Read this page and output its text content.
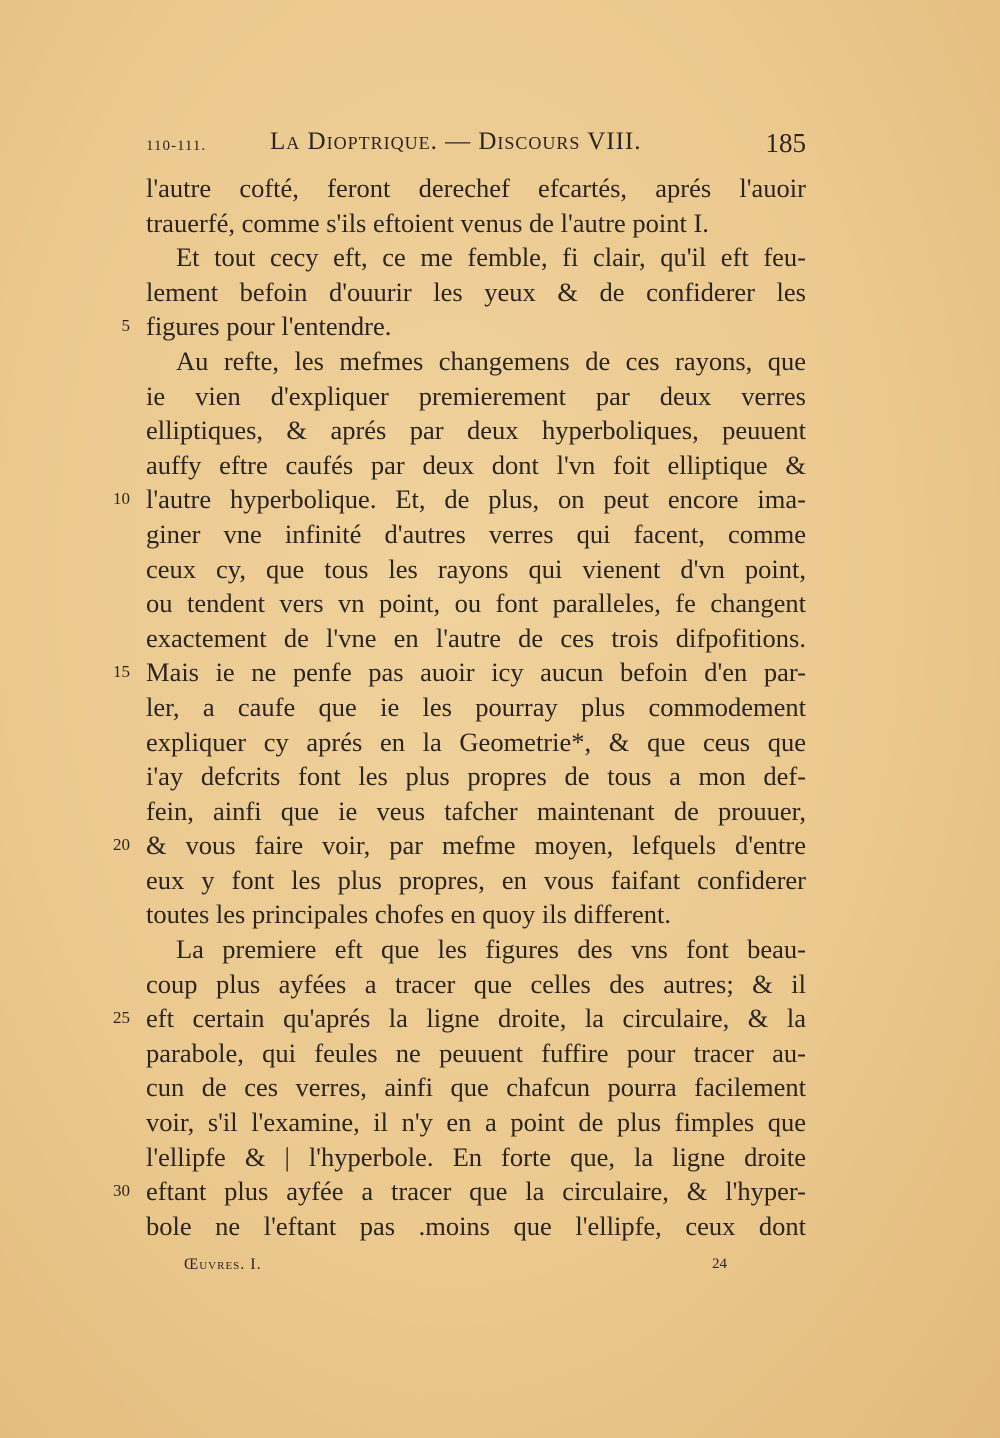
110-111.	La Dioptrique. — Discours VIII.	185
l'autre cofté, feront derechef efcartés, aprés l'auoir
trauerfé, comme s'ils eftoient venus de l'autre point I.
Et tout cecy eft, ce me femble, fi clair, qu'il eft feu-
lement befoin d'ouurir les yeux & de confiderer les
5 figures pour l'entendre.
Au refte, les mefmes changemens de ces rayons, que
ie vien d'expliquer premierement par deux verres
elliptiques, & aprés par deux hyperboliques, peuuent
auffy eftre caufés par deux dont l'vn foit elliptique &
10 l'autre hyperbolique. Et, de plus, on peut encore ima-
giner vne infinité d'autres verres qui facent, comme
ceux cy, que tous les rayons qui vienent d'vn point,
ou tendent vers vn point, ou font paralleles, fe changent
exactement de l'vne en l'autre de ces trois difpofitions.
15 Mais ie ne penfe pas auoir icy aucun befoin d'en par-
ler, a caufe que ie les pourray plus commodement
expliquer cy aprés en la Geometrie*, & que ceus que
i'ay defcrits font les plus propres de tous a mon def-
fein, ainfi que ie veus tafcher maintenant de prouuer,
20 & vous faire voir, par mefme moyen, lefquels d'entre
eux y font les plus propres, en vous faifant confiderer
toutes les principales chofes en quoy ils different.
La premiere eft que les figures des vns font beau-
coup plus ayfées a tracer que celles des autres; & il
25 eft certain qu'aprés la ligne droite, la circulaire, & la
parabole, qui feules ne peuuent fuffire pour tracer au-
cun de ces verres, ainfi que chafcun pourra facilement
voir, s'il l'examine, il n'y en a point de plus fimples que
l'ellipfe & | l'hyperbole. En forte que, la ligne droite
30 eftant plus ayfée a tracer que la circulaire, & l'hyper-
bole ne l'eftant pas .moins que l'ellipfe, ceux dont
Œuvres. I.	24
